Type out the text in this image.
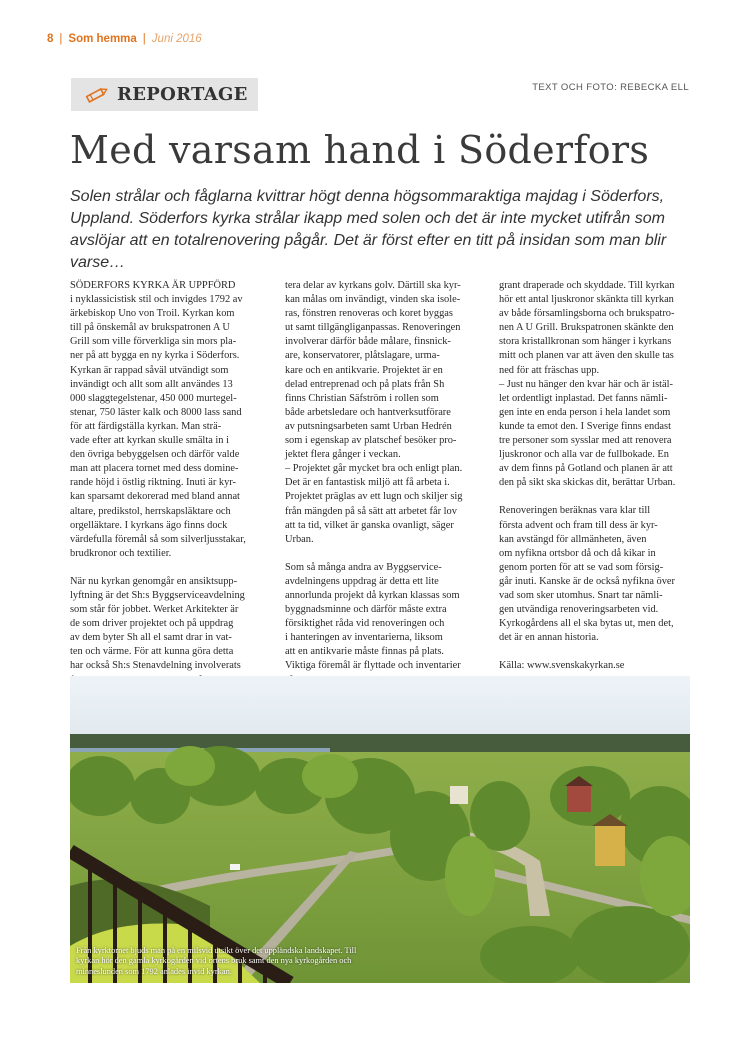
8 | Som hemma | Juni 2016
REPORTAGE	TEXT OCH FOTO: REBECKA ELL
Med varsam hand i Söderfors

Solen strålar och fåglarna kvittrar högt denna högsommaraktiga majdag i Söderfors, Uppland. Söderfors kyrka strålar ikapp med solen och det är inte mycket utifrån som avslöjar att en totalrenovering pågår. Det är först efter en titt på insidan som man blir varse…

SÖDERFORS KYRKA ÄR UPPFÖRD
i nyklassicistisk stil och invigdes 1792 av
ärkebiskop Uno von Troil. Kyrkan kom
till på önskemål av brukspatronen A U
Grill som ville förverkliga sin mors pla-
ner på att bygga en ny kyrka i Söderfors.
Kyrkan är rappad såväl utvändigt som
invändigt och allt som allt användes 13
000 slaggtegelstenar, 450 000 murtegel-
stenar, 750 läster kalk och 8000 lass sand
för att färdigställa kyrkan. Man strä-
vade efter att kyrkan skulle smälta in i
den övriga bebyggelsen och därför valde
man att placera tornet med dess domine-
rande höjd i östlig riktning. Inuti är kyr-
kan sparsamt dekorerad med bland annat
altare, predikstol, herrskapsläktare och
orgelläktare. I kyrkans ägo finns dock
värdefulla föremål så som silverljusstakar,
brudkronor och textilier.

När nu kyrkan genomgår en ansiktsupp-
lyftning är det Sh:s Byggserviceavdelning
som står för jobbet. Werket Arkitekter är
de som driver projektet och på uppdrag
av dem byter Sh all el samt drar in vat-
ten och värme. För att kunna göra detta
har också Sh:s Stenavdelning involverats

tera delar av kyrkans golv. Därtill ska kyr-
kan målas om invändigt, vinden ska isole-
ras, fönstren renoveras och koret byggas
ut samt tillgängliganpassas. Renoveringen
involverar därför både målare, finsnick-
are, konservatorer, plåtslagare, urma-
kare och en antikvarie. Projektet är en
delad entreprenad och på plats från Sh
finns Christian Säfström i rollen som
både arbetsledare och hantverksutförare
av putsningsarbeten samt Urban Hedrén
som i egenskap av platschef besöker pro-
jektet flera gånger i veckan.
– Projektet går mycket bra och enligt plan.
Det är en fantastisk miljö att få arbeta i.
Projektet präglas av ett lugn och skiljer sig
från mängden på så sätt att arbetet får lov
att ta tid, vilket är ganska ovanligt, säger
Urban.

Som så många andra av Byggservice-
avdelningens uppdrag är detta ett lite
annorlunda projekt då kyrkan klassas som
byggnadsminne och därför måste extra
försiktighet råda vid renoveringen och
i hanteringen av inventarierna, liksom
att en antikvarie måste finnas på plats.
Viktiga föremål är flyttade och inventarier

grant draperade och skyddade. Till kyrkan
hör ett antal ljuskronor skänkta till kyrkan
av både församlingsborna och brukspatro-
nen A U Grill. Brukspatronen skänkte den
stora kristallkronan som hänger i kyrkans
mitt och planen var att även den skulle tas
ned för att fräschas upp.
– Just nu hänger den kvar här och är istäl-
let ordentligt inplastad. Det fanns nämli-
gen inte en enda person i hela landet som
kunde ta emot den. I Sverige finns endast
tre personer som sysslar med att renovera
ljuskronor och alla var de fullbokade. En
av dem finns på Gotland och planen är att
den på sikt ska skickas dit, berättar Urban.

Renoveringen beräknas vara klar till
första advent och fram till dess är kyr-
kan avstängd för allmänheten, även
om nyfikna ortsbor då och då kikar in
genom porten för att se vad som försig-
går inuti. Kanske är de också nyfikna över
vad som sker utomhus. Snart tar nämli-
gen utvändiga renoveringsarbeten vid.
Kyrkogårdens all el ska bytas ut, men det,
det är en annan historia.

Källa: www.svenskakyrkan.se

Från kyrktornet bjuds man på en milsvid utsikt över det uppländska landskapet. Till
kyrkan hör den gamla kyrkogården vid ortens bruk samt den nya kyrkogården och
minneslunden som 1792 anlades invid kyrkan.
